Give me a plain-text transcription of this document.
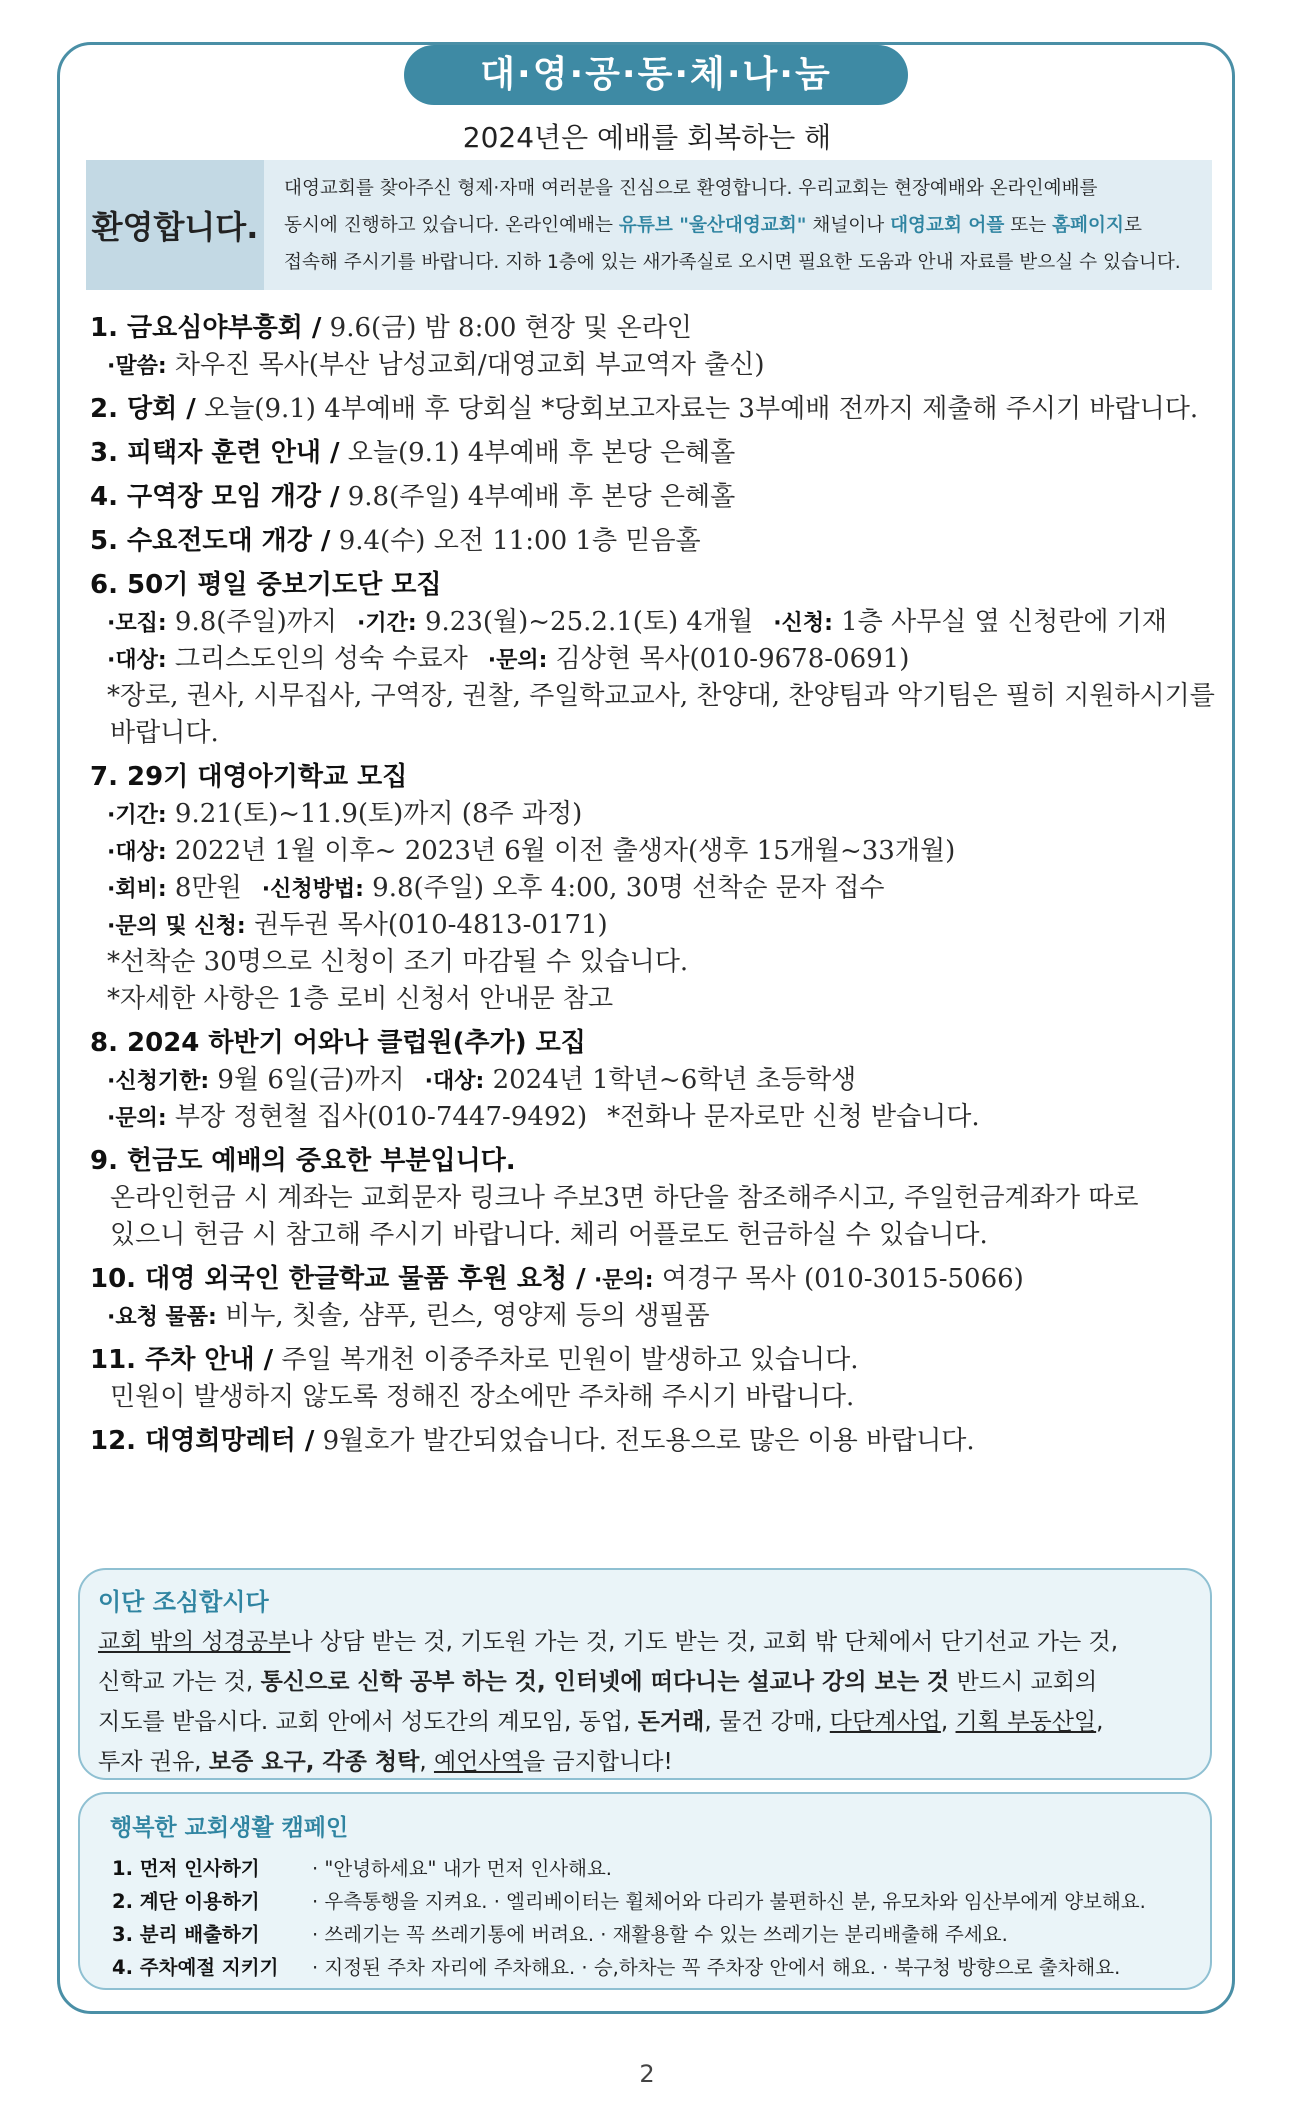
대·영·공·동·체·나·눔
2024년은 예배를 회복하는 해
환영합니다.
대영교회를 찾아주신 형제·자매 여러분을 진심으로 환영합니다. 우리교회는 현장예배와 온라인예배를
동시에 진행하고 있습니다. 온라인예배는 유튜브 "울산대영교회" 채널이나 대영교회 어플 또는 홈페이지로
접속해 주시기를 바랍니다. 지하 1층에 있는 새가족실로 오시면 필요한 도움과 안내 자료를 받으실 수 있습니다.
1. 금요심야부흥회 / 9.6(금) 밤 8:00 현장 및 온라인
·말씀: 차우진 목사(부산 남성교회/대영교회 부교역자 출신)
2. 당회 / 오늘(9.1) 4부예배 후 당회실 *당회보고자료는 3부예배 전까지 제출해 주시기 바랍니다.
3. 피택자 훈련 안내 / 오늘(9.1) 4부예배 후 본당 은혜홀
4. 구역장 모임 개강 / 9.8(주일) 4부예배 후 본당 은혜홀
5. 수요전도대 개강 / 9.4(수) 오전 11:00 1층 믿음홀
6. 50기 평일 중보기도단 모집
·모집: 9.8(주일)까지 ·기간: 9.23(월)~25.2.1(토) 4개월 ·신청: 1층 사무실 옆 신청란에 기재
·대상: 그리스도인의 성숙 수료자 ·문의: 김상현 목사(010-9678-0691)
*장로, 권사, 시무집사, 구역장, 권찰, 주일학교교사, 찬양대, 찬양팀과 악기팀은 필히 지원하시기를
바랍니다.
7. 29기 대영아기학교 모집
·기간: 9.21(토)~11.9(토)까지 (8주 과정)
·대상: 2022년 1월 이후~ 2023년 6월 이전 출생자(생후 15개월~33개월)
·회비: 8만원 ·신청방법: 9.8(주일) 오후 4:00, 30명 선착순 문자 접수
·문의 및 신청: 권두권 목사(010-4813-0171)
*선착순 30명으로 신청이 조기 마감될 수 있습니다.
*자세한 사항은 1층 로비 신청서 안내문 참고
8. 2024 하반기 어와나 클럽원(추가) 모집
·신청기한: 9월 6일(금)까지 ·대상: 2024년 1학년~6학년 초등학생
·문의: 부장 정현철 집사(010-7447-9492) *전화나 문자로만 신청 받습니다.
9. 헌금도 예배의 중요한 부분입니다.
온라인헌금 시 계좌는 교회문자 링크나 주보3면 하단을 참조해주시고, 주일헌금계좌가 따로
있으니 헌금 시 참고해 주시기 바랍니다. 체리 어플로도 헌금하실 수 있습니다.
10. 대영 외국인 한글학교 물품 후원 요청 / ·문의: 여경구 목사 (010-3015-5066)
·요청 물품: 비누, 칫솔, 샴푸, 린스, 영양제 등의 생필품
11. 주차 안내 / 주일 복개천 이중주차로 민원이 발생하고 있습니다.
민원이 발생하지 않도록 정해진 장소에만 주차해 주시기 바랍니다.
12. 대영희망레터 / 9월호가 발간되었습니다. 전도용으로 많은 이용 바랍니다.
이단 조심합시다
교회 밖의 성경공부나 상담 받는 것, 기도원 가는 것, 기도 받는 것, 교회 밖 단체에서 단기선교 가는 것,
신학교 가는 것, 통신으로 신학 공부 하는 것, 인터넷에 떠다니는 설교나 강의 보는 것 반드시 교회의
지도를 받읍시다. 교회 안에서 성도간의 계모임, 동업, 돈거래, 물건 강매, 다단계사업, 기획 부동산일,
투자 권유, 보증 요구, 각종 청탁, 예언사역을 금지합니다!
행복한 교회생활 캠페인
1. 먼저 인사하기	· "안녕하세요" 내가 먼저 인사해요.
2. 계단 이용하기	· 우측통행을 지켜요. · 엘리베이터는 휠체어와 다리가 불편하신 분, 유모차와 임산부에게 양보해요.
3. 분리 배출하기	· 쓰레기는 꼭 쓰레기통에 버려요. · 재활용할 수 있는 쓰레기는 분리배출해 주세요.
4. 주차예절 지키기	· 지정된 주차 자리에 주차해요. · 승,하차는 꼭 주차장 안에서 해요. · 북구청 방향으로 출차해요.
2
